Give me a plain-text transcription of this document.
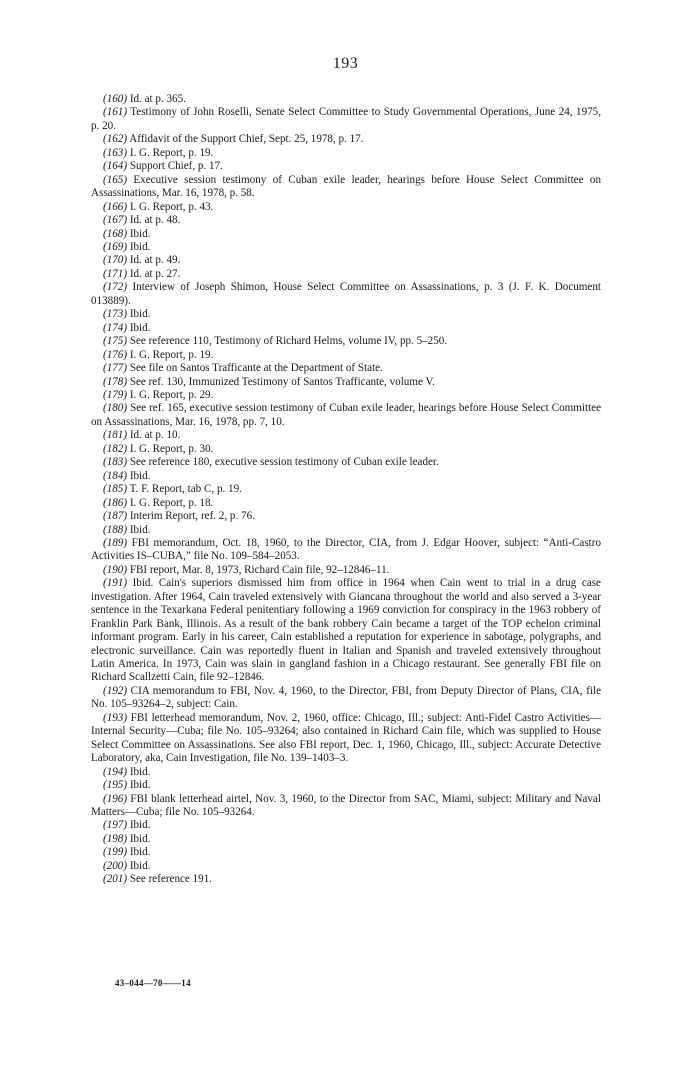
193

(160) Id. at p. 365.

(161) Testimony of John Roselli, Senate Select Committee to Study Governmental Operations, June 24, 1975, p. 20.

(162) Affidavit of the Support Chief, Sept. 25, 1978, p. 17.

(163) I. G. Report, p. 19.

(164) Support Chief, p. 17.

(165) Executive session testimony of Cuban exile leader, hearings before House Select Committee on Assassinations, Mar. 16, 1978, p. 58.

(166) I. G. Report, p. 43.

(167) Id. at p. 48.

(168) Ibid.

(169) Ibid.

(170) Id. at p. 49.

(171) Id. at p. 27.

(172) Interview of Joseph Shimon, House Select Committee on Assassinations, p. 3 (J. F. K. Document 013889).

(173) Ibid.

(174) Ibid.

(175) See reference 110, Testimony of Richard Helms, volume IV, pp. 5–250.

(176) I. G. Report, p. 19.

(177) See file on Santos Trafficante at the Department of State.

(178) See ref. 130, Immunized Testimony of Santos Trafficante, volume V.

(179) I. G. Report, p. 29.

(180) See ref. 165, executive session testimony of Cuban exile leader, hearings before House Select Committee on Assassinations, Mar. 16, 1978, pp. 7, 10.

(181) Id. at p. 10.

(182) I. G. Report, p. 30.

(183) See reference 180, executive session testimony of Cuban exile leader.

(184) Ibid.

(185) T. F. Report, tab C, p. 19.

(186) I. G. Report, p. 18.

(187) Interim Report, ref. 2, p. 76.

(188) Ibid.

(189) FBI memorandum, Oct. 18, 1960, to the Director, CIA, from J. Edgar Hoover, subject: “Anti-Castro Activities IS–CUBA,” file No. 109–584–2053.

(190) FBI report, Mar. 8, 1973, Richard Cain file, 92–12846–11.

(191) Ibid. Cain's superiors dismissed him from office in 1964 when Cain went to trial in a drug case investigation. After 1964, Cain traveled extensively with Giancana throughout the world and also served a 3-year sentence in the Texarkana Federal penitentiary following a 1969 conviction for conspiracy in the 1963 robbery of Franklin Park Bank, Illinois. As a result of the bank robbery Cain became a target of the TOP echelon criminal informant program. Early in his career, Cain established a reputation for experience in sabotage, polygraphs, and electronic surveillance. Cain was reportedly fluent in Italian and Spanish and traveled extensively throughout Latin America. In 1973, Cain was slain in gangland fashion in a Chicago restaurant. See generally FBI file on Richard Scallzetti Cain, file 92–12846.

(192) CIA memorandum to FBI, Nov. 4, 1960, to the Director, FBI, from Deputy Director of Plans, CIA, file No. 105–93264–2, subject: Cain.

(193) FBI letterhead memorandum, Nov. 2, 1960, office: Chicago, Ill.; subject: Anti-Fidel Castro Activities—Internal Security—Cuba; file No. 105–93264; also contained in Richard Cain file, which was supplied to House Select Committee on Assassinations. See also FBI report, Dec. 1, 1960, Chicago, Ill., subject: Accurate Detective Laboratory, aka, Cain Investigation, file No. 139–1403–3.

(194) Ibid.

(195) Ibid.

(196) FBI blank letterhead airtel, Nov. 3, 1960, to the Director from SAC, Miami, subject: Military and Naval Matters—Cuba; file No. 105–93264.

(197) Ibid.

(198) Ibid.

(199) Ibid.

(200) Ibid.

(201) See reference 191.

43–044—70——14
